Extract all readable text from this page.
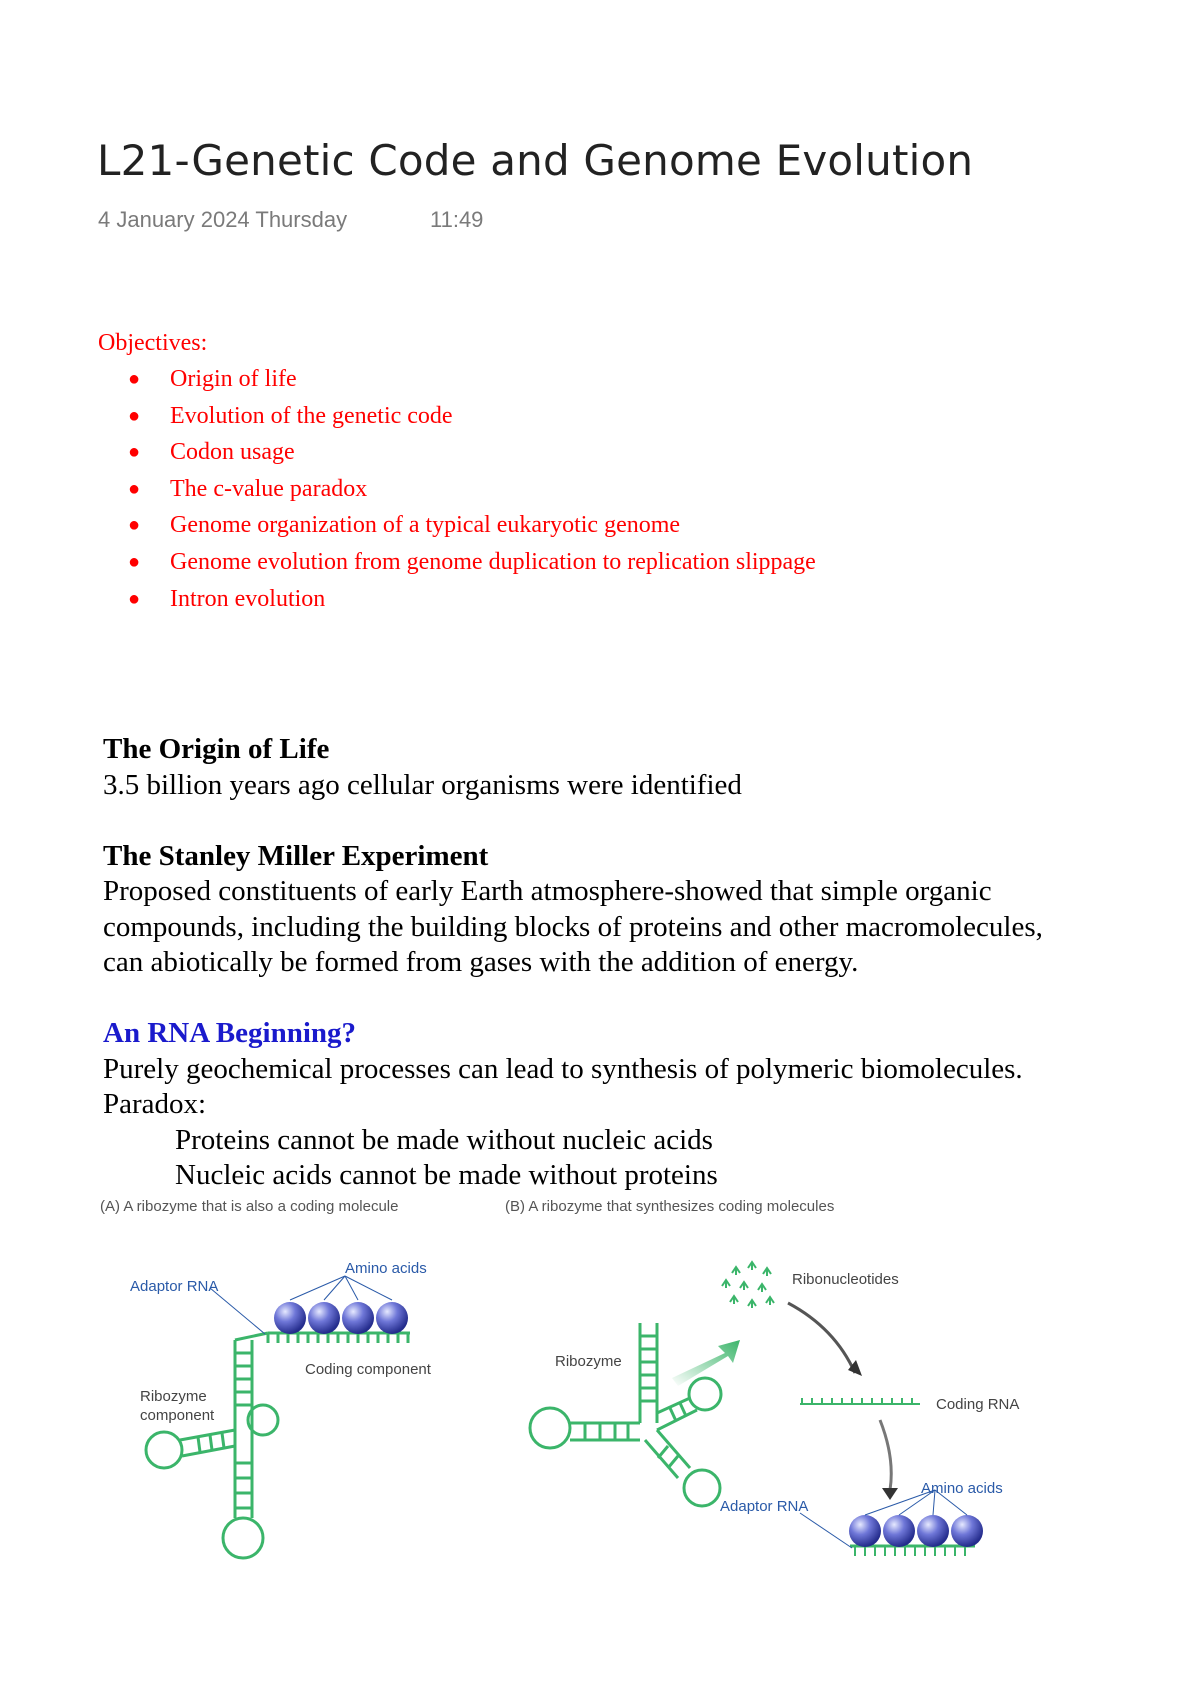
L21-Genetic Code and Genome Evolution
4 January 2024 Thursday	11:49
Objectives:
● Origin of life
● Evolution of the genetic code
● Codon usage
● The c-value paradox
● Genome organization of a typical eukaryotic genome
● Genome evolution from genome duplication to replication slippage
● Intron evolution
The Origin of Life
3.5 billion years ago cellular organisms were identified
The Stanley Miller Experiment
Proposed constituents of early Earth atmosphere-showed that simple organic
compounds, including the building blocks of proteins and other macromolecules,
can abiotically be formed from gases with the addition of energy.
An RNA Beginning?
Purely geochemical processes can lead to synthesis of polymeric biomolecules.
Paradox:
Proteins cannot be made without nucleic acids
Nucleic acids cannot be made without proteins
(A) A ribozyme that is also a coding molecule	(B) A ribozyme that synthesizes coding molecules
Adaptor RNA
Amino acids
Coding component
Ribozyme
component
Ribozyme
Ribonucleotides
Coding RNA
Adaptor RNA
Amino acids
